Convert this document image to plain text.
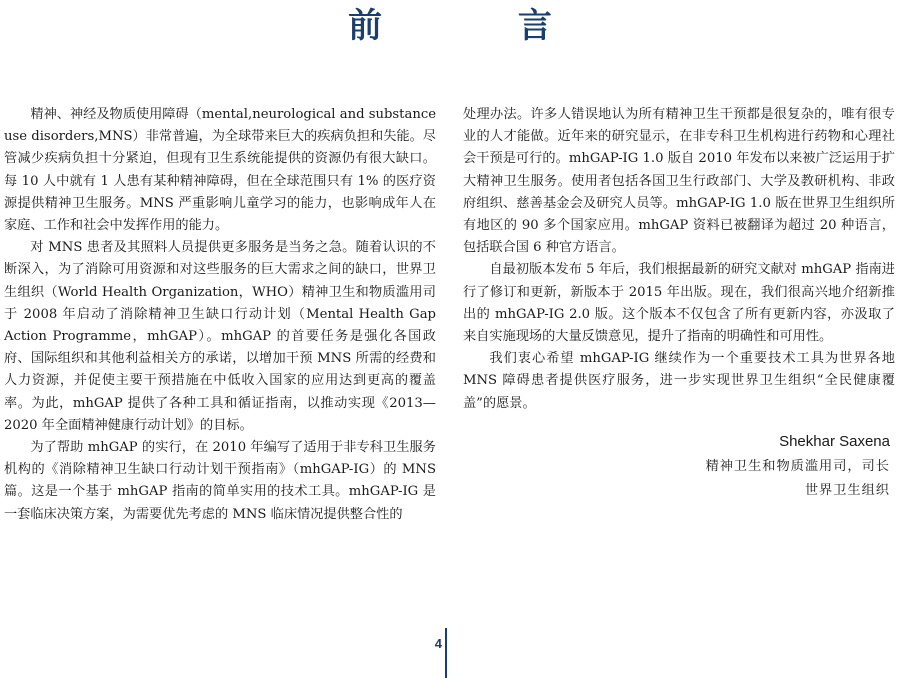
前 言

精神、神经及物质使用障碍（mental,neurological and substance use disorders,MNS）非常普遍，为全球带来巨大的疾病负担和失能。尽管减少疾病负担十分紧迫，但现有卫生系统能提供的资源仍有很大缺口。每 10 人中就有 1 人患有某种精神障碍，但在全球范围只有 1% 的医疗资源提供精神卫生服务。MNS 严重影响儿童学习的能力，也影响成年人在家庭、工作和社会中发挥作用的能力。

对 MNS 患者及其照料人员提供更多服务是当务之急。随着认识的不断深入，为了消除可用资源和对这些服务的巨大需求之间的缺口，世界卫生组织（World Health Organization，WHO）精神卫生和物质滥用司于 2008 年启动了消除精神卫生缺口行动计划（Mental Health Gap Action Programme，mhGAP）。mhGAP 的首要任务是强化各国政府、国际组织和其他利益相关方的承诺，以增加干预 MNS 所需的经费和人力资源，并促使主要干预措施在中低收入国家的应用达到更高的覆盖率。为此，mhGAP 提供了各种工具和循证指南，以推动实现《2013—2020 年全面精神健康行动计划》的目标。

为了帮助 mhGAP 的实行，在 2010 年编写了适用于非专科卫生服务机构的《消除精神卫生缺口行动计划干预指南》（mhGAP-IG）的 MNS 篇。这是一个基于 mhGAP 指南的简单实用的技术工具。mhGAP-IG 是一套临床决策方案，为需要优先考虑的 MNS 临床情况提供整合性的

处理办法。许多人错误地认为所有精神卫生干预都是很复杂的，唯有很专业的人才能做。近年来的研究显示，在非专科卫生机构进行药物和心理社会干预是可行的。mhGAP-IG 1.0 版自 2010 年发布以来被广泛运用于扩大精神卫生服务。使用者包括各国卫生行政部门、大学及教研机构、非政府组织、慈善基金会及研究人员等。mhGAP-IG 1.0 版在世界卫生组织所有地区的 90 多个国家应用。mhGAP 资料已被翻译为超过 20 种语言，包括联合国 6 种官方语言。

自最初版本发布 5 年后，我们根据最新的研究文献对 mhGAP 指南进行了修订和更新，新版本于 2015 年出版。现在，我们很高兴地介绍新推出的 mhGAP-IG 2.0 版。这个版本不仅包含了所有更新内容，亦汲取了来自实施现场的大量反馈意见，提升了指南的明确性和可用性。

我们衷心希望 mhGAP-IG 继续作为一个重要技术工具为世界各地 MNS 障碍患者提供医疗服务，进一步实现世界卫生组织“全民健康覆盖”的愿景。

Shekhar Saxena
精神卫生和物质滥用司，司长
世界卫生组织
4
